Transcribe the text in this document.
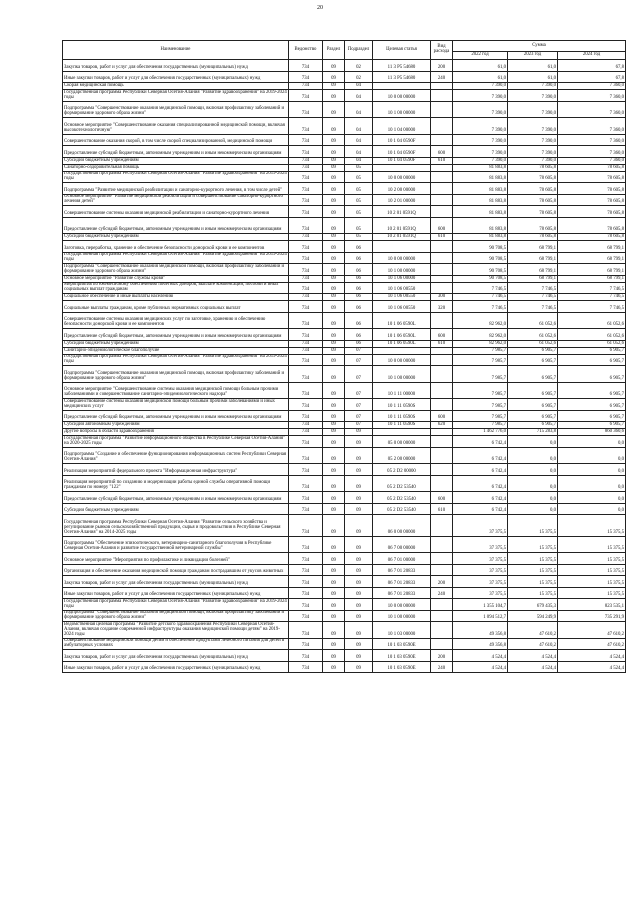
20
Наименование	Ведомство	Раздел	Подраздел	Целевая статья	Вид расхода	Сумма		
						2022 год	2023 год	2024 год
Закупка товаров, работ и услуг для обеспечения государственных (муниципальных) нужд	734	09	02	11 3 Р5 54680	200	61,0	61,0	67,8
Иные закупки товаров, работ и услуг для обеспечения государственных (муниципальных) нужд	734	09	02	11 3 Р5 54680	240	61,0	61,0	67,8
Скорая медицинская помощь	734	09	04			7 390,0	7 390,0	7 360,0
Государственная программа Республики Северная Осетия-Алания "Развитие здравоохранения" на 2019-2024 годы	734	09	04	10 0 00 00000		7 390,0	7 390,0	7 360,0
Подпрограмма "Совершенствование оказания медицинской помощи, включая профилактику заболеваний и формирование здорового образа жизни"	734	09	04	10 1 00 00000		7 390,0	7 390,0	7 360,0
Основное мероприятие "Совершенствование оказания специализированной медицинской помощи, включая высокотехнологичную"	734	09	04	10 1 04 00000		7 390,0	7 390,0	7 360,0
Совершенствование оказания скорой, в том числе скорой специализированной, медицинской помощи	734	09	04	10 1 04 0590F		7 390,0	7 390,0	7 360,0
Предоставление субсидий бюджетным, автономным учреждениям и иным некоммерческим организациям	734	09	04	10 1 04 0590F	600	7 390,0	7 390,0	7 360,0
Субсидии бюджетным учреждениям	734	09	04	10 1 04 0590F	610	7 390,0	7 390,0	7 360,0
Санаторно-оздоровительная помощь	734	09	05			81 883,8	78 605,8	78 605,8
Государственная программа Республики Северная Осетия-Алания "Развитие здравоохранения" на 2019-2024 годы	734	09	05	10 0 00 00000		81 883,8	78 605,8	78 605,8
Подпрограмма "Развитие медицинской реабилитации и санаторно-курортного лечения, в том числе детей"	734	09	05	10 2 00 00000		81 883,8	78 605,8	78 605,8
Основное мероприятие "Развитие медицинской реабилитации и совершенствование санаторно-курортного лечения детей"	734	09	05	10 2 01 00000		81 883,8	78 605,8	78 605,8
Совершенствование системы оказания медицинской реабилитации и санаторно-курортного лечения	734	09	05	10 2 01 0591Q		81 883,8	78 605,8	78 605,8
Предоставление субсидий бюджетным, автономным учреждениям и иным некоммерческим организациям	734	09	05	10 2 01 0591Q	600	81 883,8	78 605,8	78 605,8
Субсидии бюджетным учреждениям	734	09	05	10 2 01 0591Q	610	81 883,8	78 605,8	78 605,8
Заготовка, переработка, хранение и обеспечение безопасности донорской крови и ее компонентов	734	09	06			90 708,5	68 799,1	68 799,1
Государственная программа Республики Северная Осетия-Алания "Развитие здравоохранения" на 2019-2024 годы	734	09	06	10 0 00 00000		90 708,5	68 799,1	68 799,1
Подпрограмма "Совершенствование оказания медицинской помощи, включая профилактику заболеваний и формирование здорового образа жизни"	734	09	06	10 1 00 00000		90 708,5	68 799,1	68 799,1
Основное мероприятие "Развитие службы крови"	734	09	06	10 1 06 00000		90 708,5	68 799,1	68 799,1
Мероприятия по ежемесячному обеспечению почетных доноров, выплате компенсаций, пособий и иных социальных выплат гражданам	734	09	06	10 1 06 00550		7 746,5	7 746,5	7 746,5
Социальное обеспечение и иные выплаты населению	734	09	06	10 1 06 00550	300	7 746,5	7 746,5	7 746,5
Социальные выплаты гражданам, кроме публичных нормативных социальных выплат	734	09	06	10 1 06 00550	320	7 746,5	7 746,5	7 746,5
Совершенствование системы оказания медицинских услуг по заготовке, хранению и обеспечению безопасности донорской крови и ее компонентов	734	09	06	10 1 06 0590L		82 962,0	61 052,6	61 052,6
Предоставление субсидий бюджетным, автономным учреждениям и иным некоммерческим организациям	734	09	06	10 1 06 0590L	600	82 962,0	61 052,6	61 052,6
Субсидии бюджетным учреждениям	734	09	06	10 1 06 0590L	610	82 962,0	61 052,6	61 052,6
Санитарно-эпидемиологическое благополучие	734	09	07			7 985,7	6 905,7	6 905,7
Государственная программа Республики Северная Осетия-Алания "Развитие здравоохранения" на 2019-2024 годы	734	09	07	10 0 00 00000		7 985,7	6 905,7	6 905,7
Подпрограмма "Совершенствование оказания медицинской помощи, включая профилактику заболеваний и формирование здорового образа жизни"	734	09	07	10 1 00 00000		7 985,7	6 905,7	6 905,7
Основное мероприятие "Совершенствование системы оказания медицинской помощи больным прочими заболеваниями и совершенствование санитарно-эпидемиологического надзора"	734	09	07	10 1 11 00000		7 985,7	6 905,7	6 905,7
Совершенствование системы оказания медицинской помощи больным прочими заболеваниями и иных медицинских услуг	734	09	07	10 1 11 0590S		7 985,7	6 905,7	6 905,7
Предоставление субсидий бюджетным, автономным учреждениям и иным некоммерческим организациям	734	09	07	10 1 11 0590S	600	7 985,7	6 905,7	6 905,7
Субсидии автономным учреждениям	734	09	07	10 1 11 0590S	620	7 985,7	6 905,7	6 905,7
Другие вопросы в области здравоохранения	734	09	09			1 462 776,0	715 283,8	860 360,6
Государственная программа "Развитие информационного общества в Республике Северная Осетия-Алания" на 2020-2025 годы	734	09	09	05 0 00 00000		6 742,4	0,0	0,0
Подпрограмма "Создание и обеспечение функционирования информационных систем Республики Северная Осетия-Алания"	734	09	09	05 2 00 00000		6 742,4	0,0	0,0
Реализация мероприятий федерального проекта "Информационная инфраструктура"	734	09	09	05 2 D2 00000		6 742,4	0,0	0,0
Реализация мероприятий по созданию и модернизации работы единой службы оперативной помощи гражданам по номеру "122"	734	09	09	05 2 D2 53540		6 742,4	0,0	0,0
Предоставление субсидий бюджетным, автономным учреждениям и иным некоммерческим организациям	734	09	09	05 2 D2 53540	600	6 742,4	0,0	0,0
Субсидии бюджетным учреждениям	734	09	09	05 2 D2 53540	610	6 742,4	0,0	0,0
Государственная программа Республики Северная Осетия-Алания "Развитие сельского хозяйства и регулирование рынков сельскохозяйственной продукции, сырья и продовольствия в Республике Северная Осетия-Алания" на 2014-2025 годы	734	09	09	06 0 00 00000		37 375,5	15 375,5	15 375,5
Подпрограмма "Обеспечение эпизоотического, ветеринарно-санитарного благополучия в Республике Северная Осетия-Алания и развитие государственной ветеринарной службы"	734	09	09	06 7 00 00000		37 375,5	15 375,5	15 375,5
Основное мероприятие "Мероприятия по профилактике и ликвидации болезней"	734	09	09	06 7 01 00000		37 375,5	15 375,5	15 375,5
Организация и обеспечение оказания медицинской помощи гражданам пострадавшим от укусов животных	734	09	09	06 7 01 20833		37 375,5	15 375,5	15 375,5
Закупка товаров, работ и услуг для обеспечения государственных (муниципальных) нужд	734	09	09	06 7 01 20833	200	37 375,5	15 375,5	15 375,5
Иные закупки товаров, работ и услуг для обеспечения государственных (муниципальных) нужд	734	09	09	06 7 01 20833	240	37 375,5	15 375,5	15 375,5
Государственная программа Республики Северная Осетия-Алания "Развитие здравоохранения" на 2019-2024 годы	734	09	09	10 0 00 00000		1 355 104,7	679 435,3	823 535,1
Подпрограмма "Совершенствование оказания медицинской помощи, включая профилактику заболеваний и формирование здорового образа жизни"	734	09	09	10 1 00 00000		1 094 512,7	594 249,9	735 291,9
Ведомственная целевая программа "Развитие детского здравоохранения Республики Северная Осетия-Алания, включая создание современной инфраструктуры оказания медицинской помощи детям" на 2019-2024 годы	734	09	09	10 1 03 00000		49 356,8	47 610,2	47 610,2
Совершенствование медицинской помощи детям и обеспечение продуктами лечебного питания для детей в амбулаторных условиях	734	09	09	10 1 03 0590E		49 356,8	47 610,2	47 610,2
Закупка товаров, работ и услуг для обеспечения государственных (муниципальных) нужд	734	09	09	10 1 03 0590E	200	4 524,4	4 524,4	4 524,4
Иные закупки товаров, работ и услуг для обеспечения государственных (муниципальных) нужд	734	09	09	10 1 03 0590E	240	4 524,4	4 524,4	4 524,4
